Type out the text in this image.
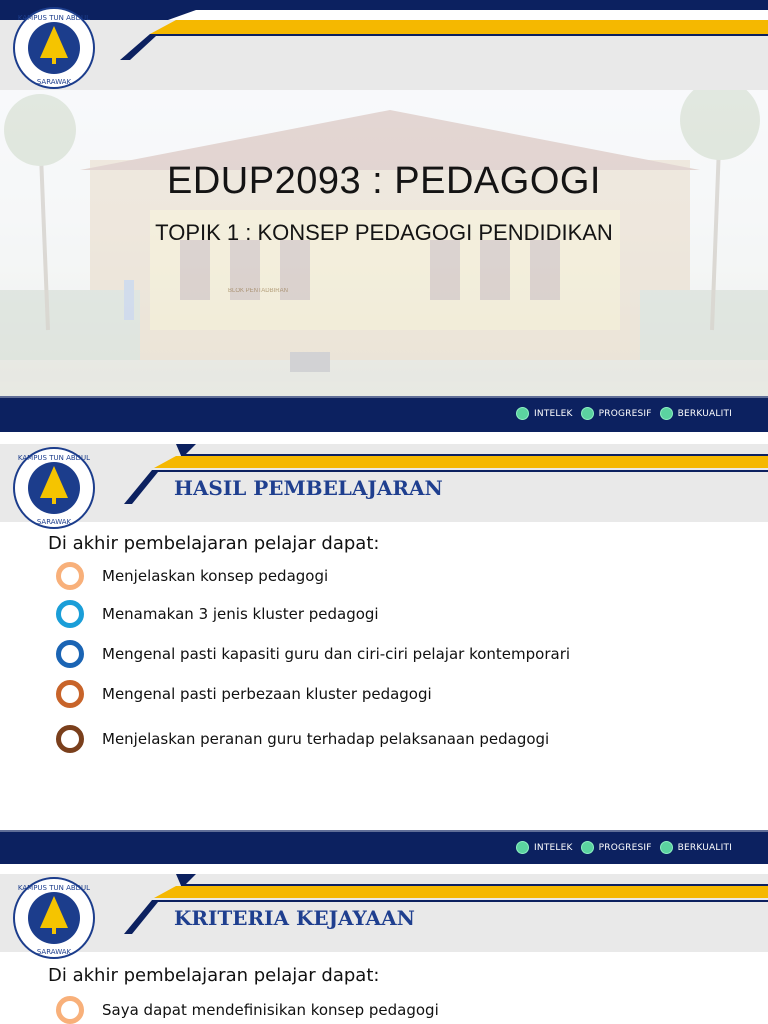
BLOK PENTADBIRAN
KAMPUS TUN ABDUL
SARAWAK
EDUP2093 : PEDAGOGI
TOPIK 1 : KONSEP PEDAGOGI PENDIDIKAN
INTELEK	PROGRESIF	BERKUALITI
KAMPUS TUN ABDUL
SARAWAK
HASIL PEMBELAJARAN
Di akhir pembelajaran pelajar dapat:
Menjelaskan konsep pedagogi
Menamakan 3 jenis kluster pedagogi
Mengenal pasti kapasiti guru dan ciri-ciri pelajar kontemporari
Mengenal pasti perbezaan kluster pedagogi
Menjelaskan peranan guru terhadap pelaksanaan pedagogi
INTELEK	PROGRESIF	BERKUALITI
KAMPUS TUN ABDUL
SARAWAK
KRITERIA KEJAYAAN
Di akhir pembelajaran pelajar dapat:
Saya dapat mendefinisikan konsep pedagogi
